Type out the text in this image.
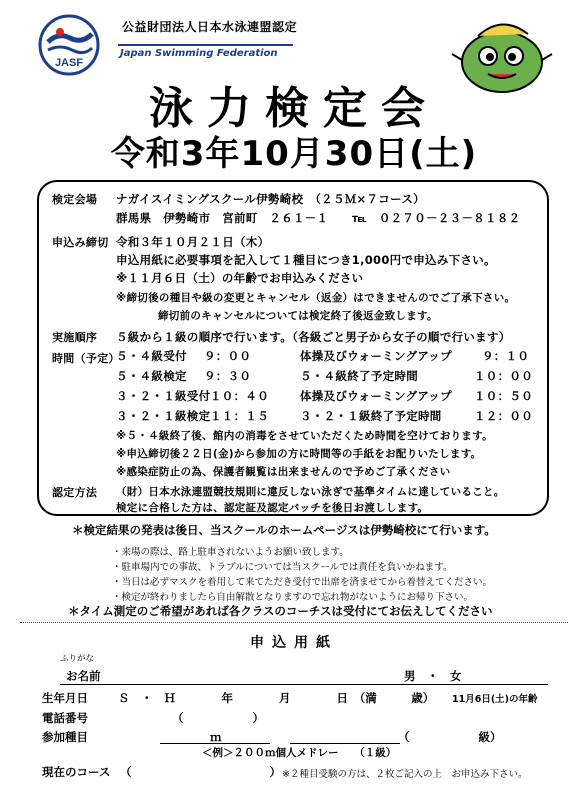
JASF
公益財団法人日本水泳連盟認定
Japan Swimming Federation
泳力検定会
令和3年10月30日(土)
検定会場 ナガイスイミングスクール伊勢崎校　（２５Ｍ×７コース）
群馬県　伊勢崎市　宮前町　２６１－１　　℡　０２７０－２３－８１８２
申込み締切 令和３年１０月２１日（木）
申込用紙に必要事項を記入して１種目につき1,000円で申込み下さい。
※１１月６日（土）の年齢でお申込みください
※締切後の種目や級の変更とキャンセル（返金）はできませんのでご了承下さい。
締切前のキャンセルについては検定終了後返金致します。
実施順序 ５級から１級の順序で行います。（各級ごと男子から女子の順で行います）
時間（予定）
５・４級受付 ９：００	体操及びウォーミングアップ	９：１０
５・４級検定 ９：３０	５・４級終了予定時間	１０：００
３・２・１級受付 １０：４０	体操及びウォーミングアップ １０：５０
３・２・１級検定 １１：１５	３・２・１級終了予定時間	１２：００
※５・４級終了後、館内の消毒をさせていただくため時間を空けております。
※申込締切後２２日(金)から参加の方に時間等の手紙をお配りいたします。
※感染症防止の為、保護者観覧は出来ませんので予めご了承ください
認定方法 （財）日本水泳連盟競技規則に違反しない泳ぎで基準タイムに達していること。
検定に合格した方は、認定証及認定バッチを後日お渡しします。
＊検定結果の発表は後日、当スクールのホームページスは伊勢崎校にて行います。
・来場の際は、路上駐車されないようお願い致します。
・駐車場内での事故、トラブルについては当スクールでは責任を負いかねます。
・当日は必ずマスクを着用して来てただき受付で出席を済ませてから着替えてください。
・検定が終わりましたら自由解散となりますので忘れ物がないようにお帰り下さい。
＊タイム測定のご希望があれば各クラスのコーチスは受付にてお伝えしてください
申込用紙
ふりがな
お名前	男　・　女
生年月日	Ｓ　・　Ｈ　　　　年　　　　月　　　　日　（満　　　歳） 11月6日(土)の年齢
電話番号	（　　　　　　）
参加種目	ｍ	（　　　　　　級）
＜例＞２００ｍ個人メドレー　　（１級）
現在のコース （　　　　　　　　　　　　） ※２種目受験の方は、２枚ご記入の上　お申込み下さい。
